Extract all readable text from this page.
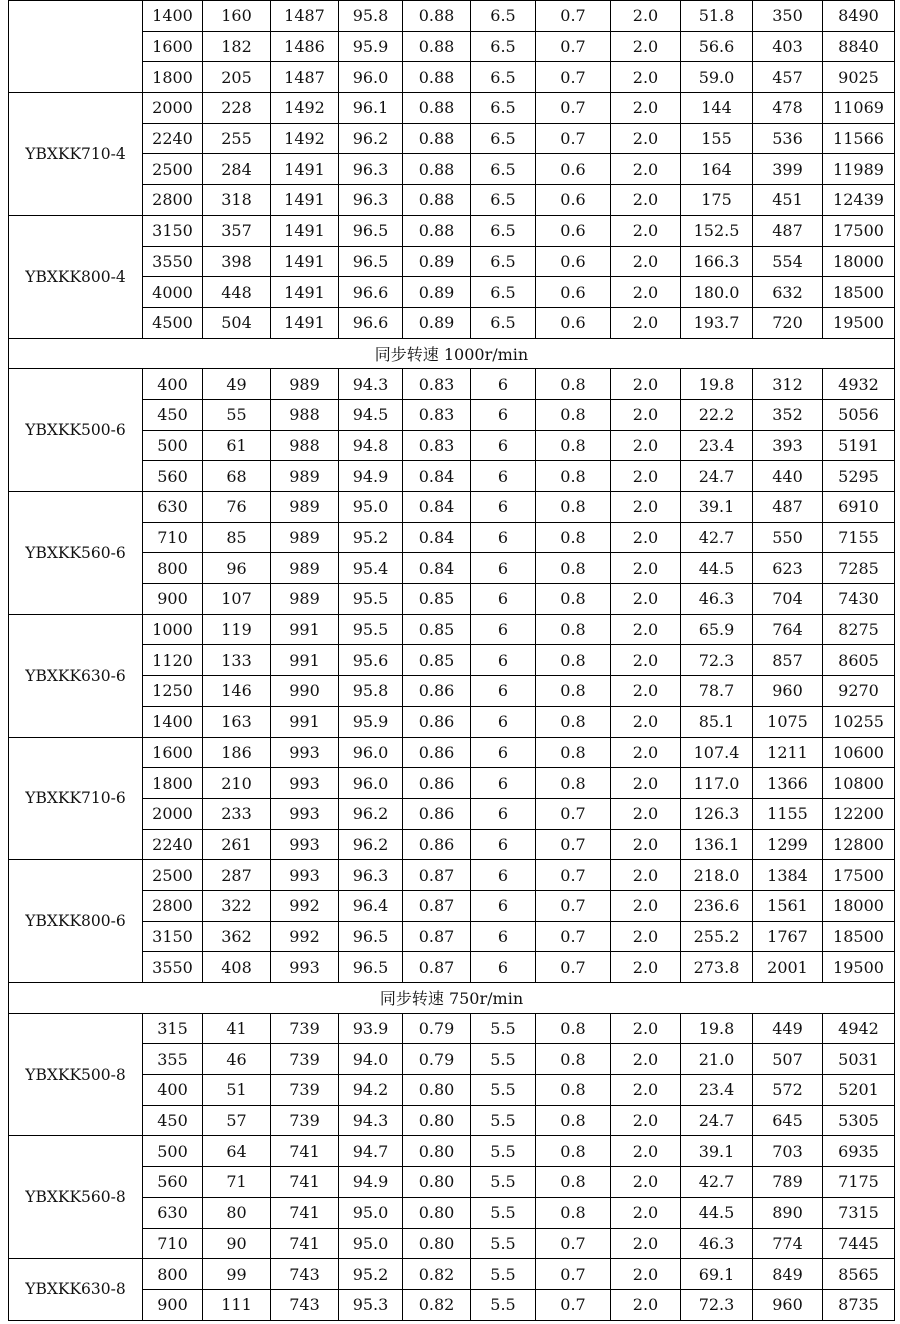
	1400	160	1487	95.8	0.88	6.5	0.7	2.0	51.8	350	8490
	1600	182	1486	95.9	0.88	6.5	0.7	2.0	56.6	403	8840
	1800	205	1487	96.0	0.88	6.5	0.7	2.0	59.0	457	9025
YBXKK710-4	2000	228	1492	96.1	0.88	6.5	0.7	2.0	144	478	11069
	2240	255	1492	96.2	0.88	6.5	0.7	2.0	155	536	11566
	2500	284	1491	96.3	0.88	6.5	0.6	2.0	164	399	11989
	2800	318	1491	96.3	0.88	6.5	0.6	2.0	175	451	12439
YBXKK800-4	3150	357	1491	96.5	0.88	6.5	0.6	2.0	152.5	487	17500
	3550	398	1491	96.5	0.89	6.5	0.6	2.0	166.3	554	18000
	4000	448	1491	96.6	0.89	6.5	0.6	2.0	180.0	632	18500
	4500	504	1491	96.6	0.89	6.5	0.6	2.0	193.7	720	19500
同步转速 1000r/min											
YBXKK500-6	400	49	989	94.3	0.83	6	0.8	2.0	19.8	312	4932
	450	55	988	94.5	0.83	6	0.8	2.0	22.2	352	5056
	500	61	988	94.8	0.83	6	0.8	2.0	23.4	393	5191
	560	68	989	94.9	0.84	6	0.8	2.0	24.7	440	5295
YBXKK560-6	630	76	989	95.0	0.84	6	0.8	2.0	39.1	487	6910
	710	85	989	95.2	0.84	6	0.8	2.0	42.7	550	7155
	800	96	989	95.4	0.84	6	0.8	2.0	44.5	623	7285
	900	107	989	95.5	0.85	6	0.8	2.0	46.3	704	7430
YBXKK630-6	1000	119	991	95.5	0.85	6	0.8	2.0	65.9	764	8275
	1120	133	991	95.6	0.85	6	0.8	2.0	72.3	857	8605
	1250	146	990	95.8	0.86	6	0.8	2.0	78.7	960	9270
	1400	163	991	95.9	0.86	6	0.8	2.0	85.1	1075	10255
YBXKK710-6	1600	186	993	96.0	0.86	6	0.8	2.0	107.4	1211	10600
	1800	210	993	96.0	0.86	6	0.8	2.0	117.0	1366	10800
	2000	233	993	96.2	0.86	6	0.7	2.0	126.3	1155	12200
	2240	261	993	96.2	0.86	6	0.7	2.0	136.1	1299	12800
YBXKK800-6	2500	287	993	96.3	0.87	6	0.7	2.0	218.0	1384	17500
	2800	322	992	96.4	0.87	6	0.7	2.0	236.6	1561	18000
	3150	362	992	96.5	0.87	6	0.7	2.0	255.2	1767	18500
	3550	408	993	96.5	0.87	6	0.7	2.0	273.8	2001	19500
同步转速 750r/min											
YBXKK500-8	315	41	739	93.9	0.79	5.5	0.8	2.0	19.8	449	4942
	355	46	739	94.0	0.79	5.5	0.8	2.0	21.0	507	5031
	400	51	739	94.2	0.80	5.5	0.8	2.0	23.4	572	5201
	450	57	739	94.3	0.80	5.5	0.8	2.0	24.7	645	5305
YBXKK560-8	500	64	741	94.7	0.80	5.5	0.8	2.0	39.1	703	6935
	560	71	741	94.9	0.80	5.5	0.8	2.0	42.7	789	7175
	630	80	741	95.0	0.80	5.5	0.8	2.0	44.5	890	7315
	710	90	741	95.0	0.80	5.5	0.7	2.0	46.3	774	7445
YBXKK630-8	800	99	743	95.2	0.82	5.5	0.7	2.0	69.1	849	8565
	900	111	743	95.3	0.82	5.5	0.7	2.0	72.3	960	8735
